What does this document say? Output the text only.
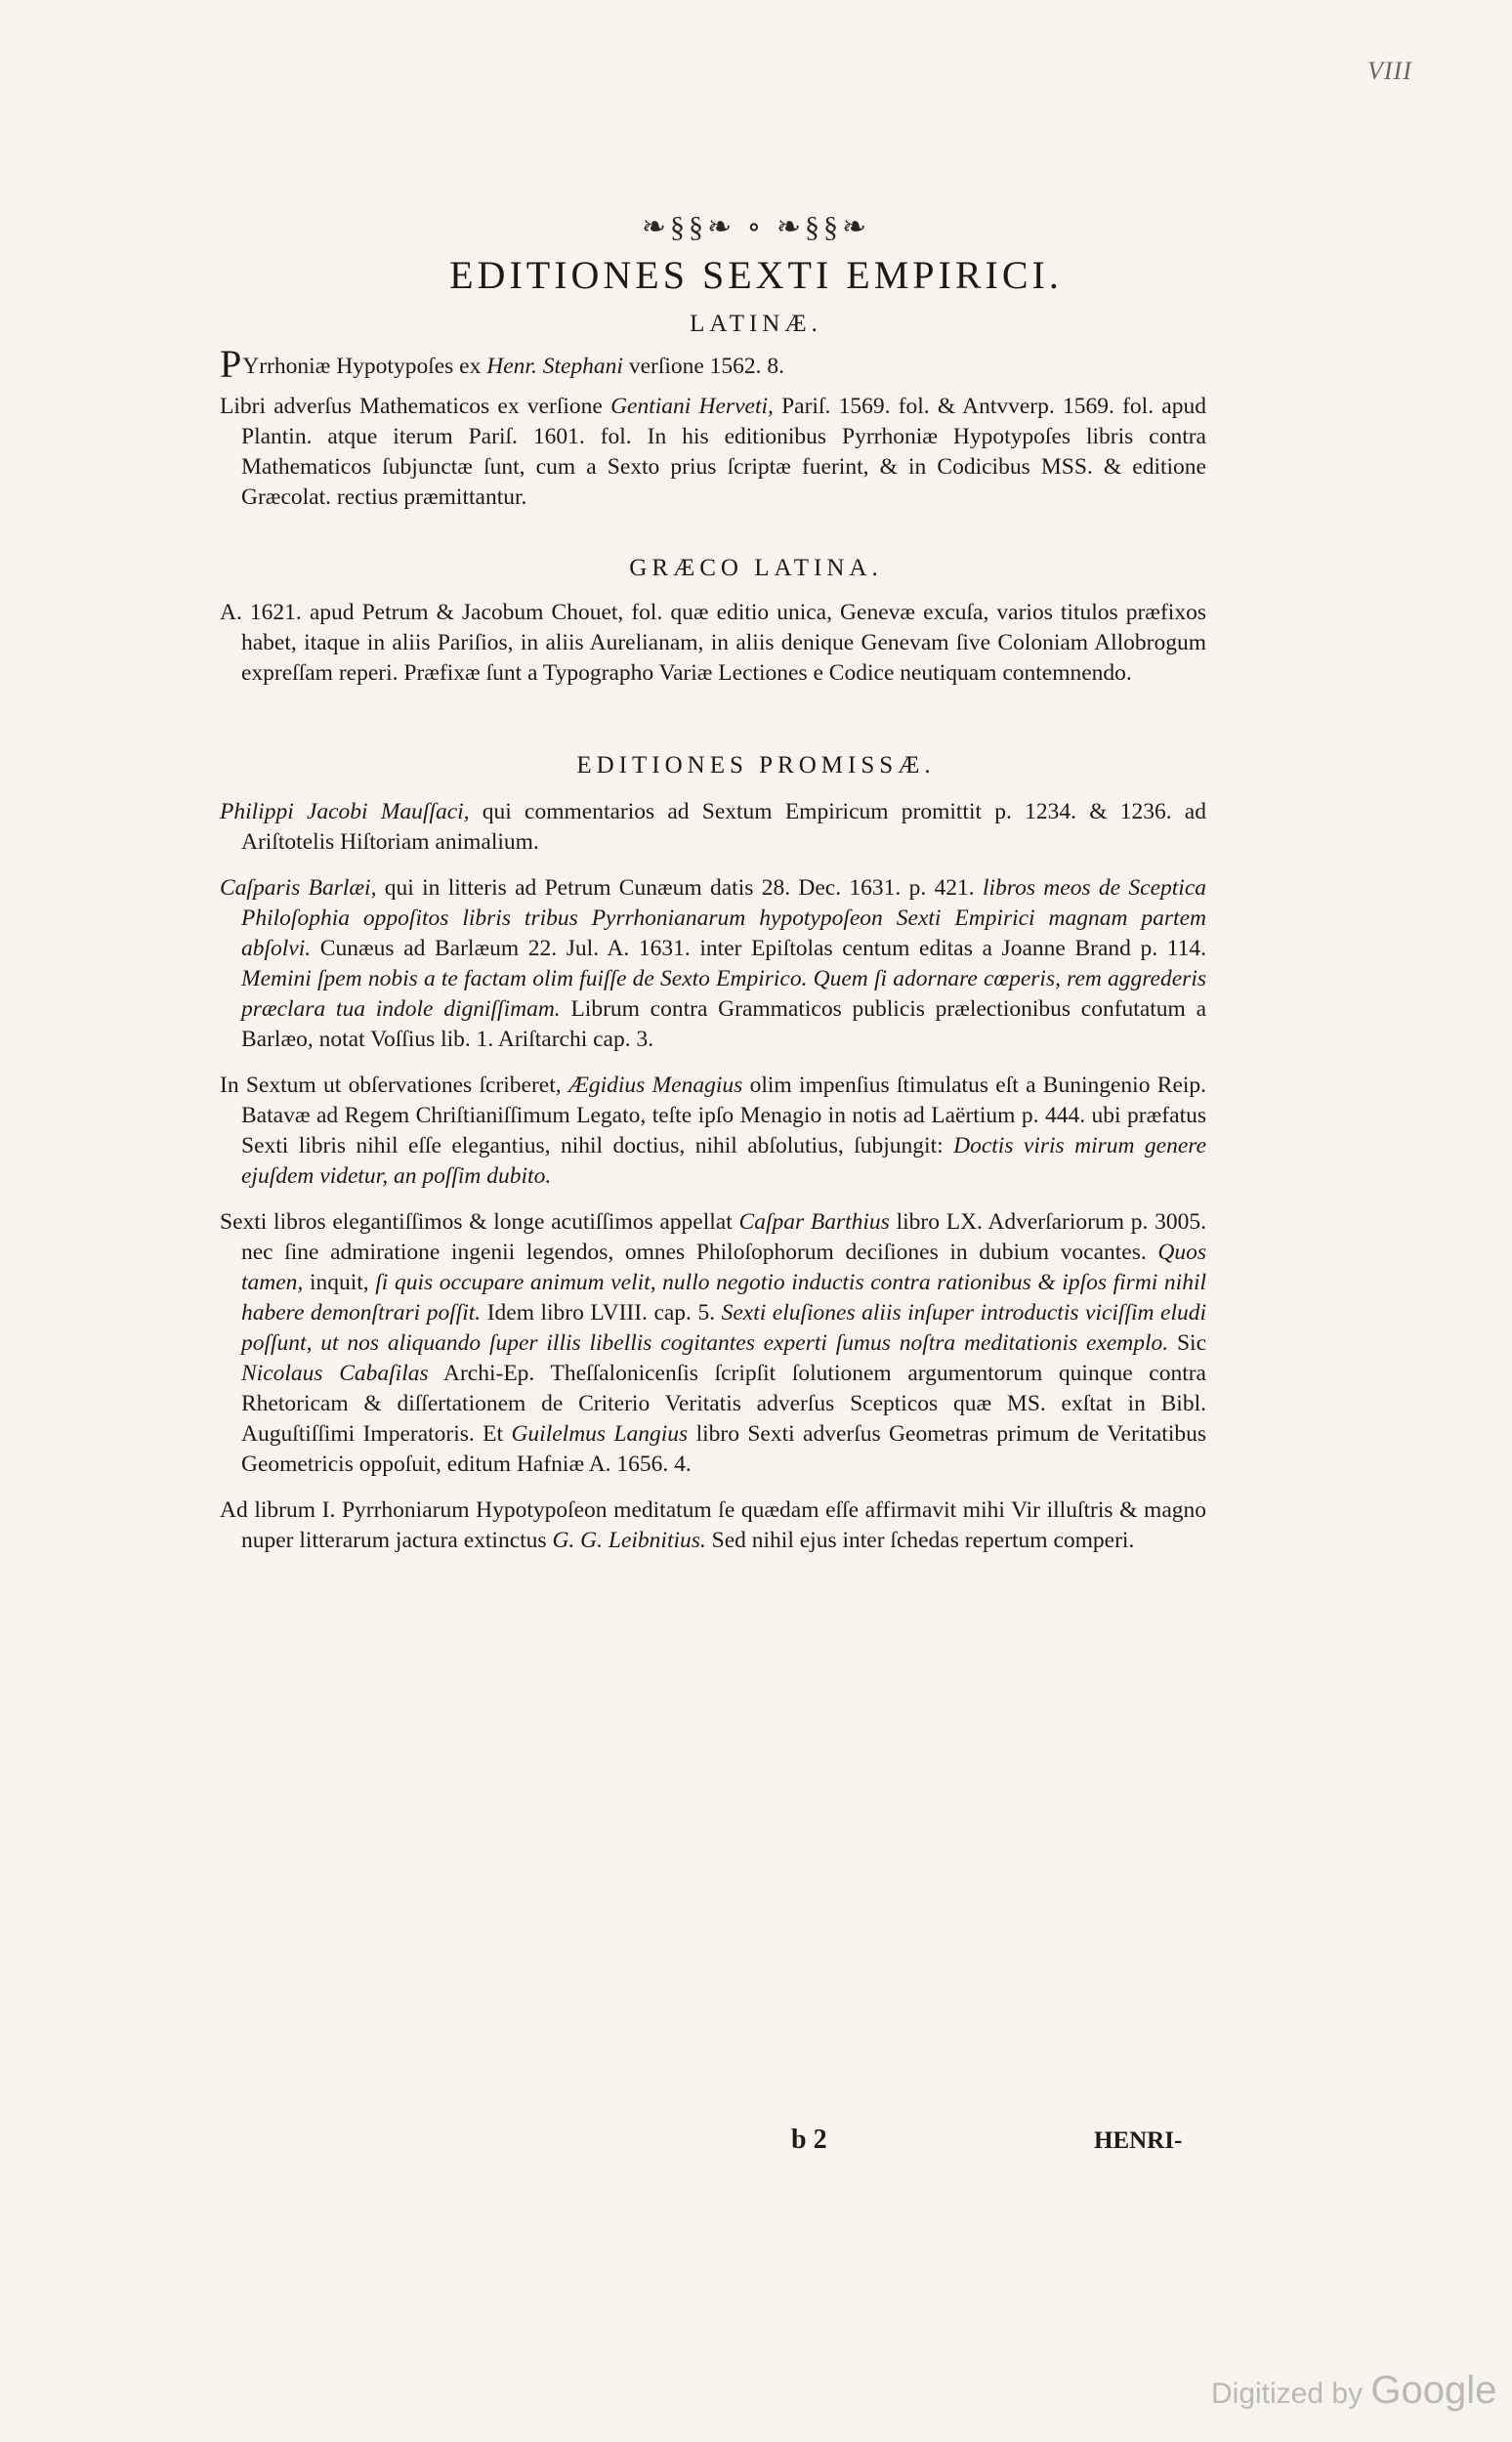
VIII
❧§§❧ ∘ ❧§§❧
EDITIONES SEXTI EMPIRICI.
LATINÆ.

PYrrhoniæ Hypotypoſes ex Henr. Stephani verſione 1562. 8.

Libri adverſus Mathematicos ex verſione Gentiani Herveti, Pariſ. 1569. fol. & Antvverp. 1569. fol. apud Plantin. atque iterum Pariſ. 1601. fol. In his editionibus Pyrrhoniæ Hypotypoſes libris contra Mathematicos ſubjunctæ ſunt, cum a Sexto prius ſcriptæ fuerint, & in Codicibus MSS. & editione Græcolat. rectius præmittantur.

GRÆCO LATINA.

A. 1621. apud Petrum & Jacobum Chouet, fol. quæ editio unica, Genevæ excuſa, varios titulos præfixos habet, itaque in aliis Pariſios, in aliis Aurelianam, in aliis denique Genevam ſive Coloniam Allobrogum expreſſam reperi. Præfixæ ſunt a Typographo Variæ Lectiones e Codice neutiquam contemnendo.

EDITIONES PROMISSÆ.

Philippi Jacobi Mauſſaci, qui commentarios ad Sextum Empiricum promittit p. 1234. & 1236. ad Ariſtotelis Hiſtoriam animalium.

Caſparis Barlæi, qui in litteris ad Petrum Cunæum datis 28. Dec. 1631. p. 421. libros meos de Sceptica Philoſophia oppoſitos libris tribus Pyrrhonianarum hypotypoſeon Sexti Empirici magnam partem abſolvi. Cunæus ad Barlæum 22. Jul. A. 1631. inter Epiſtolas centum editas a Joanne Brand p. 114. Memini ſpem nobis a te factam olim fuiſſe de Sexto Empirico. Quem ſi adornare cœperis, rem aggrederis præclara tua indole digniſſimam. Librum contra Grammaticos publicis prælectionibus confutatum a Barlæo, notat Voſſius lib. 1. Ariſtarchi cap. 3.

In Sextum ut obſervationes ſcriberet, Ægidius Menagius olim impenſius ſtimulatus eſt a Buningenio Reip. Batavæ ad Regem Chriſtianiſſimum Legato, teſte ipſo Menagio in notis ad Laërtium p. 444. ubi præfatus Sexti libris nihil eſſe elegantius, nihil doctius, nihil abſolutius, ſubjungit: Doctis viris mirum genere ejuſdem videtur, an poſſim dubito.

Sexti libros elegantiſſimos & longe acutiſſimos appellat Caſpar Barthius libro LX. Adverſariorum p. 3005. nec ſine admiratione ingenii legendos, omnes Philoſophorum deciſiones in dubium vocantes. Quos tamen, inquit, ſi quis occupare animum velit, nullo negotio inductis contra rationibus & ipſos firmi nihil habere demonſtrari poſſit. Idem libro LVIII. cap. 5. Sexti eluſiones aliis inſuper introductis viciſſim eludi poſſunt, ut nos aliquando ſuper illis libellis cogitantes experti ſumus noſtra meditationis exemplo. Sic Nicolaus Cabaſilas Archi-Ep. Theſſalonicenſis ſcripſit ſolutionem argumentorum quinque contra Rhetoricam & diſſertationem de Criterio Veritatis adverſus Scepticos quæ MS. exſtat in Bibl. Auguſtiſſimi Imperatoris. Et Guilelmus Langius libro Sexti adverſus Geometras primum de Veritatibus Geometricis oppoſuit, editum Hafniæ A. 1656. 4.

Ad librum I. Pyrrhoniarum Hypotypoſeon meditatum ſe quædam eſſe affirmavit mihi Vir illuſtris & magno nuper litterarum jactura extinctus G. G. Leibnitius. Sed nihil ejus inter ſchedas repertum comperi.

b 2	HENRI-
Digitized by Google
